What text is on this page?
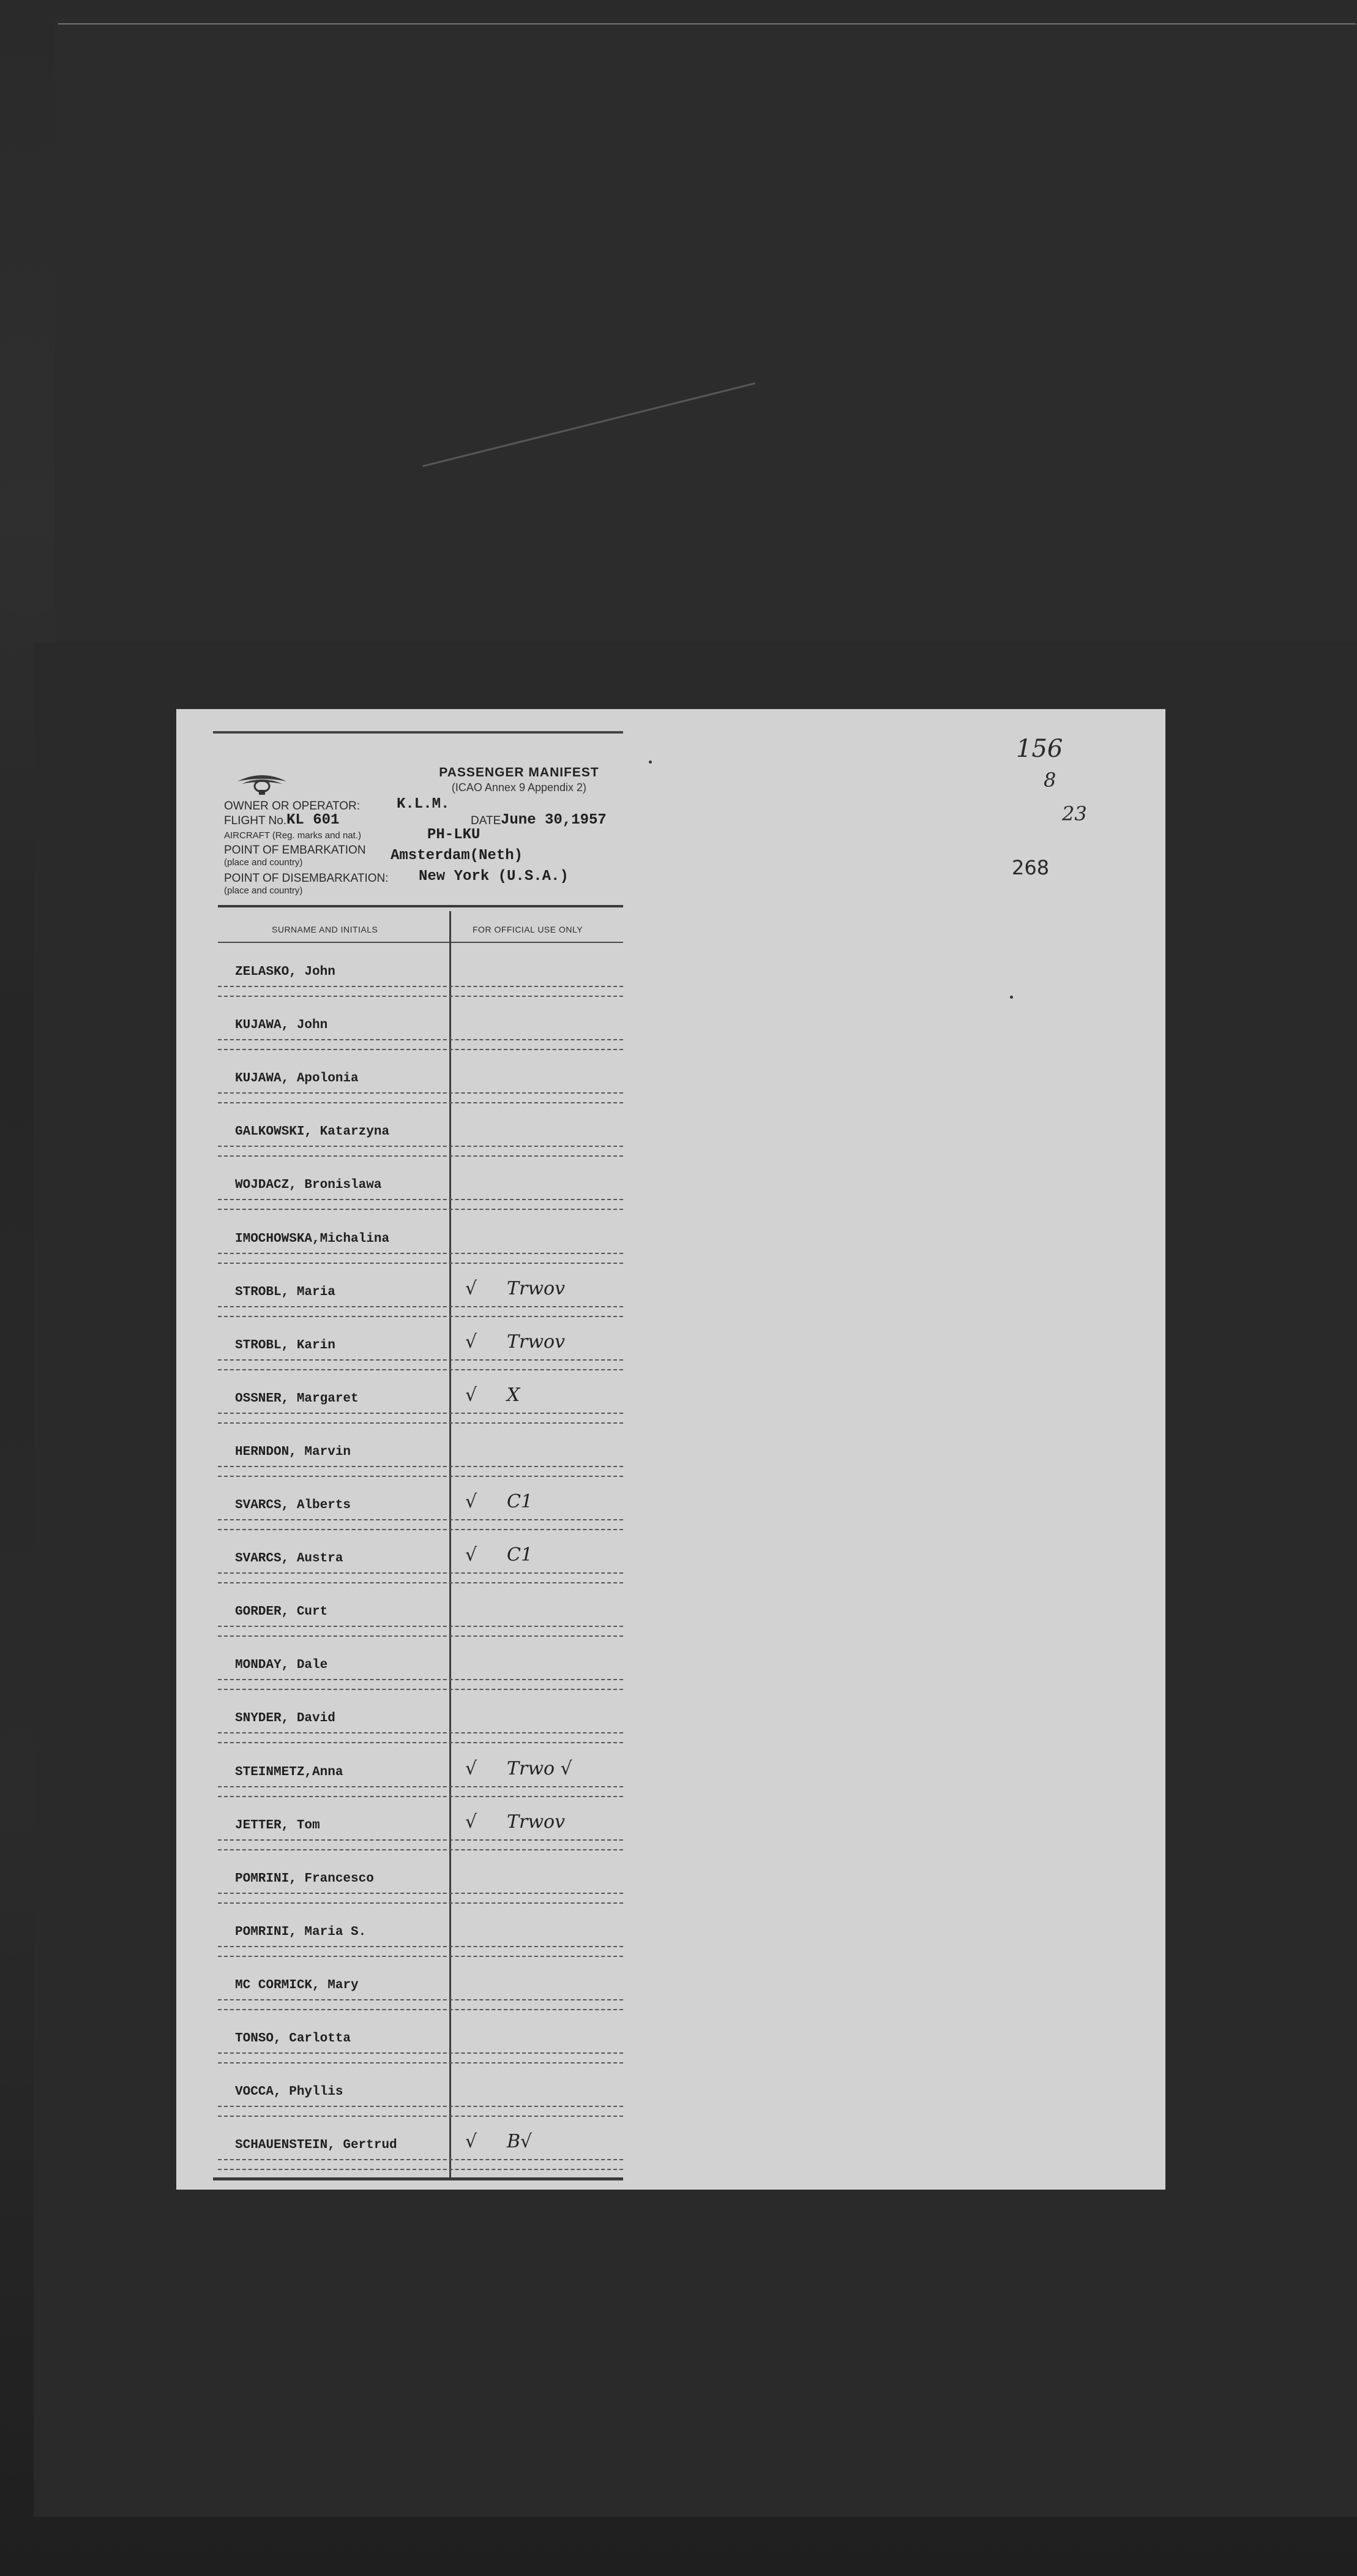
PASSENGER MANIFEST
(ICAO Annex 9 Appendix 2)
OWNER OR OPERATOR: K.L.M.
FLIGHT No. KL 601	DATE June 30,1957
AIRCRAFT (Reg. marks and nat.)	PH-LKU
POINT OF EMBARKATION Amsterdam(Neth)
(place and country)
POINT OF DISEMBARKATION: New York (U.S.A.)
(place and country)
SURNAME AND INITIALS	FOR OFFICIAL USE ONLY
ZELASKO, John
KUJAWA, John
KUJAWA, Apolonia
GALKOWSKI, Katarzyna
WOJDACZ, Bronislawa
IMOCHOWSKA,Michalina
STROBL, Maria	√ Trwov
STROBL, Karin	√ Trwov
OSSNER, Margaret	√ X
HERNDON, Marvin
SVARCS, Alberts	√ C1
SVARCS, Austra	√ C1
GORDER, Curt
MONDAY, Dale
SNYDER, David
STEINMETZ,Anna	√ Trwo √
JETTER, Tom	√ Trwov
POMRINI, Francesco
POMRINI, Maria S.
MC CORMICK, Mary
TONSO, Carlotta
VOCCA, Phyllis
SCHAUENSTEIN, Gertrud	√ B√
156
8
23
268
